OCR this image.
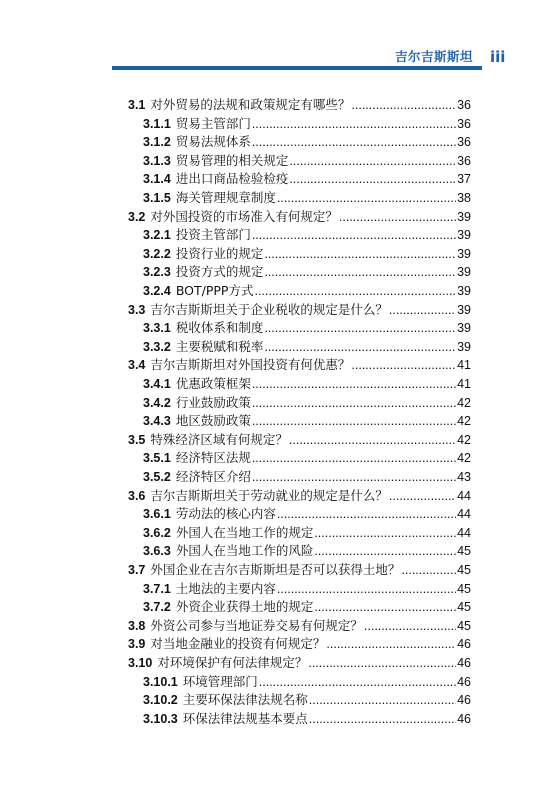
吉尔吉斯斯坦 iii
3.1 对外贸易的法规和政策规定有哪些？ .....	36
3.1.1 贸易主管部门 .....	36
3.1.2 贸易法规体系 .....	36
3.1.3 贸易管理的相关规定 .....	36
3.1.4 进出口商品检验检疫 .....	37
3.1.5 海关管理规章制度 .....	38
3.2 对外国投资的市场准入有何规定？ .....	39
3.2.1 投资主管部门 .....	39
3.2.2 投资行业的规定 .....	39
3.2.3 投资方式的规定 .....	39
3.2.4 BOT/PPP方式 .....	39
3.3 吉尔吉斯斯坦关于企业税收的规定是什么？ .....	39
3.3.1 税收体系和制度 .....	39
3.3.2 主要税赋和税率 .....	39
3.4 吉尔吉斯斯坦对外国投资有何优惠？ .....	41
3.4.1 优惠政策框架 .....	41
3.4.2 行业鼓励政策 .....	42
3.4.3 地区鼓励政策 .....	42
3.5 特殊经济区域有何规定？ .....	42
3.5.1 经济特区法规 .....	42
3.5.2 经济特区介绍 .....	43
3.6 吉尔吉斯斯坦关于劳动就业的规定是什么？ .....	44
3.6.1 劳动法的核心内容 .....	44
3.6.2 外国人在当地工作的规定 .....	44
3.6.3 外国人在当地工作的风险 .....	45
3.7 外国企业在吉尔吉斯斯坦是否可以获得土地？ .....	45
3.7.1 土地法的主要内容 .....	45
3.7.2 外资企业获得土地的规定 .....	45
3.8 外资公司参与当地证券交易有何规定？ .....	45
3.9 对当地金融业的投资有何规定？ .....	46
3.10 对环境保护有何法律规定？ .....	46
3.10.1 环境管理部门 .....	46
3.10.2 主要环保法律法规名称 .....	46
3.10.3 环保法律法规基本要点 .....	46
